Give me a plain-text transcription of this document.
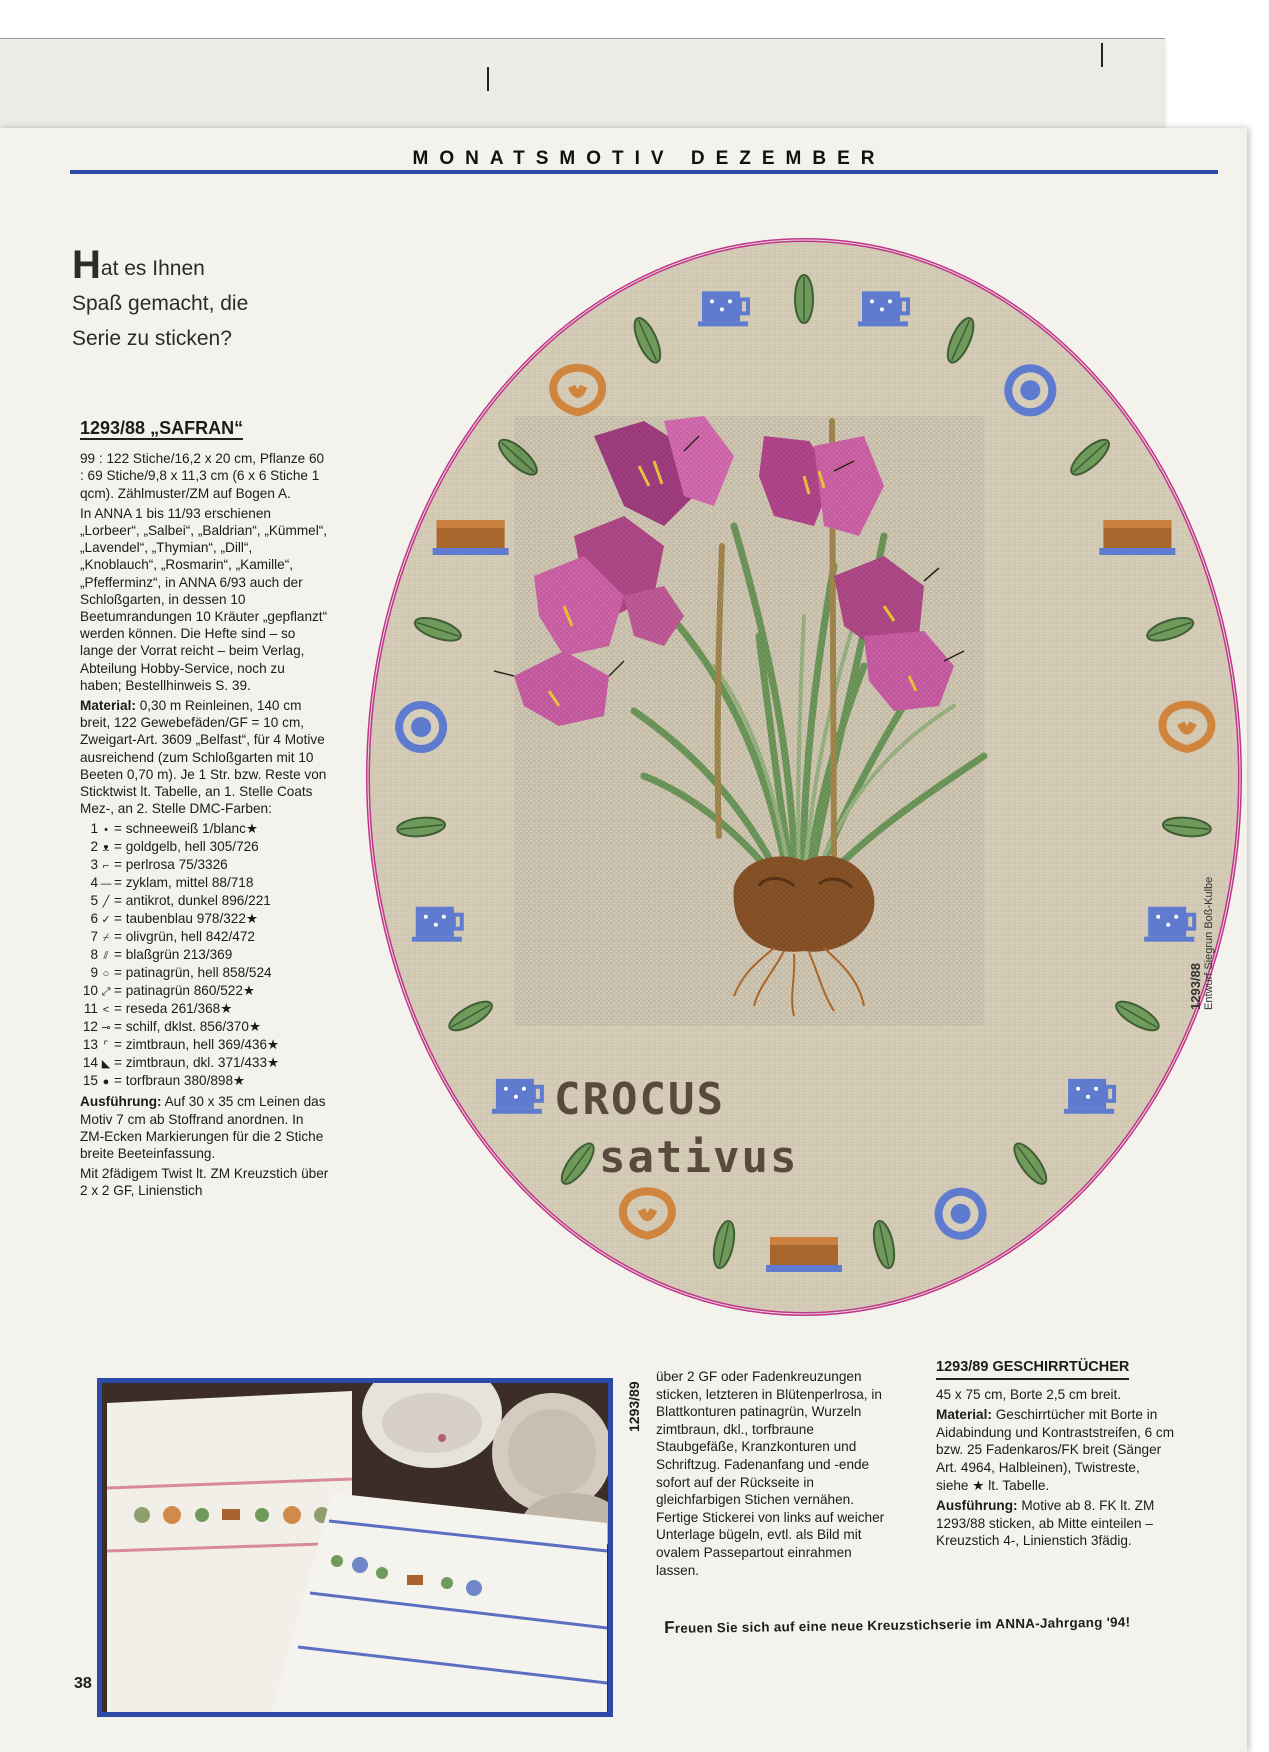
MONATSMOTIV DEZEMBER
Hat es Ihnen
Spaß gemacht, die
Serie zu sticken?
1293/88 „SAFRAN“

99 : 122 Stiche/16,2 x 20 cm, Pflanze 60 : 69 Stiche/9,8 x 11,3 cm (6 x 6 Stiche 1 qcm). Zählmuster/ZM auf Bogen A.

In ANNA 1 bis 11/93 erschienen „Lorbeer“, „Salbei“, „Baldrian“, „Kümmel“, „Lavendel“, „Thymian“, „Dill“, „Knoblauch“, „Rosmarin“, „Kamille“, „Pfefferminz“, in ANNA 6/93 auch der Schloßgarten, in dessen 10 Beetumrandungen 10 Kräuter „gepflanzt“ werden können. Die Hefte sind – so lange der Vorrat reicht – beim Verlag, Abteilung Hobby-Service, noch zu haben; Bestellhinweis S. 39.

Material: 0,30 m Reinleinen, 140 cm breit, 122 Gewebefäden/GF = 10 cm, Zweigart-Art. 3609 „Belfast“, für 4 Motive ausreichend (zum Schloßgarten mit 10 Beeten 0,70 m). Je 1 Str. bzw. Reste von Sticktwist lt. Tabelle, an 1. Stelle Coats Mez-, an 2. Stelle DMC-Farben:

1 • = schneeweiß 1/blanc★
2 ᴥ = goldgelb, hell 305/726
3 ⌐ = perlrosa 75/3326
4 — = zyklam, mittel 88/718
5 ╱ = antikrot, dunkel 896/221
6 ✓ = taubenblau 978/322★
7 ⌿ = olivgrün, hell 842/472
8 ⫽ = blaßgrün 213/369
9 ○ = patinagrün, hell 858/524
10 ⤢ = patinagrün 860/522★
11 < = reseda 261/368★
12 ⊸ = schilf, dklst. 856/370★
13 ⌜ = zimtbraun, hell 369/436★
14 ◣ = zimtbraun, dkl. 371/433★
15 ● = torfbraun 380/898★

Ausführung: Auf 30 x 35 cm Leinen das Motiv 7 cm ab Stoffrand anordnen. In ZM-Ecken Markierungen für die 2 Stiche breite Beeteinfassung.

Mit 2fädigem Twist lt. ZM Kreuzstich über 2 x 2 GF, Linienstich

CROCUS
sativus
1293/88 Entwurf Siegrun Boß-Kulbe
1293/89

über 2 GF oder Fadenkreuzungen sticken, letzteren in Blütenperlrosa, in Blattkonturen patinagrün, Wurzeln zimtbraun, dkl., torfbraune Staubgefäße, Kranzkonturen und Schriftzug. Fadenanfang und -ende sofort auf der Rückseite in gleichfarbigen Stichen vernähen. Fertige Stickerei von links auf weicher Unterlage bügeln, evtl. als Bild mit ovalem Passepartout einrahmen lassen.

1293/89 GESCHIRRTÜCHER

45 x 75 cm, Borte 2,5 cm breit.

Material: Geschirrtücher mit Borte in Aidabindung und Kontraststreifen, 6 cm bzw. 25 Fadenkaros/FK breit (Sänger Art. 4964, Halbleinen), Twistreste, siehe ★ lt. Tabelle.

Ausführung: Motive ab 8. FK lt. ZM 1293/88 sticken, ab Mitte einteilen – Kreuzstich 4-, Linienstich 3fädig.

Freuen Sie sich auf eine neue Kreuzstichserie im ANNA-Jahrgang '94!
38
